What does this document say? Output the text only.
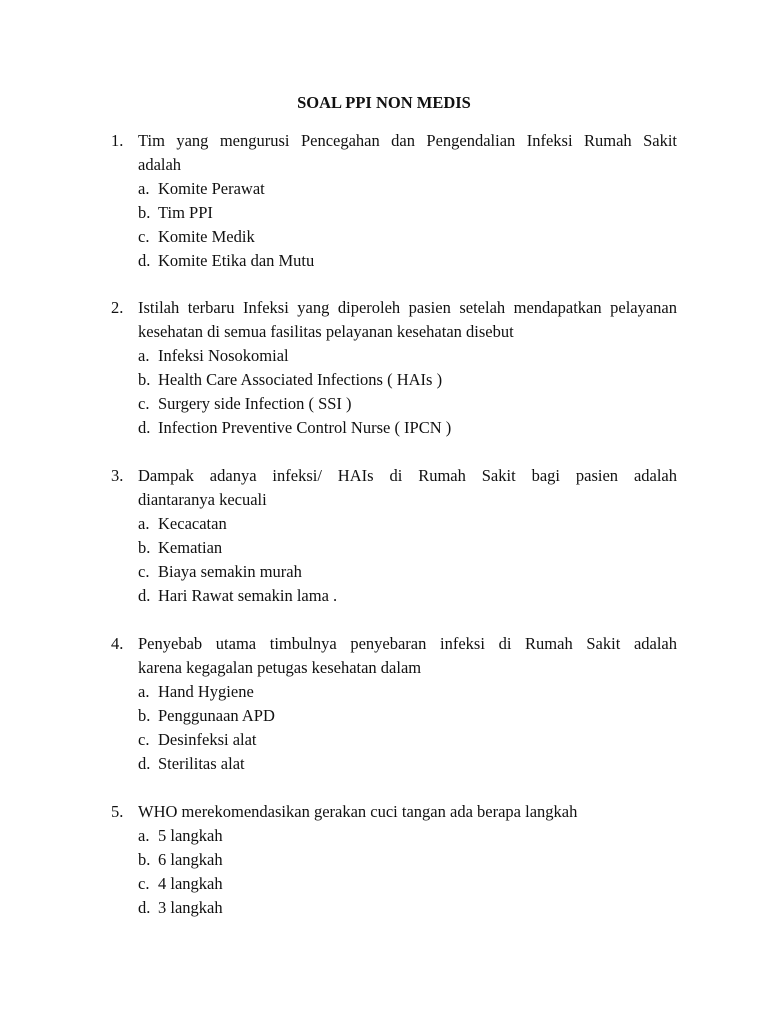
SOAL PPI NON MEDIS
1. Tim yang mengurusi Pencegahan dan Pengendalian Infeksi Rumah Sakit
adalah
a. Komite Perawat
b. Tim PPI
c. Komite Medik
d. Komite Etika dan Mutu
2. Istilah terbaru Infeksi yang diperoleh pasien setelah mendapatkan pelayanan
kesehatan di semua fasilitas pelayanan kesehatan disebut
a. Infeksi Nosokomial
b. Health Care Associated Infections ( HAIs )
c. Surgery side Infection ( SSI )
d. Infection Preventive Control Nurse ( IPCN )
3. Dampak adanya infeksi/ HAIs di Rumah Sakit bagi pasien adalah
diantaranya kecuali
a. Kecacatan
b. Kematian
c. Biaya semakin murah
d. Hari Rawat semakin lama .
4. Penyebab utama timbulnya penyebaran infeksi di Rumah Sakit adalah
karena kegagalan petugas kesehatan dalam
a. Hand Hygiene
b. Penggunaan APD
c. Desinfeksi alat
d. Sterilitas alat
5. WHO merekomendasikan gerakan cuci tangan ada berapa langkah
a. 5 langkah
b. 6 langkah
c. 4 langkah
d. 3 langkah
